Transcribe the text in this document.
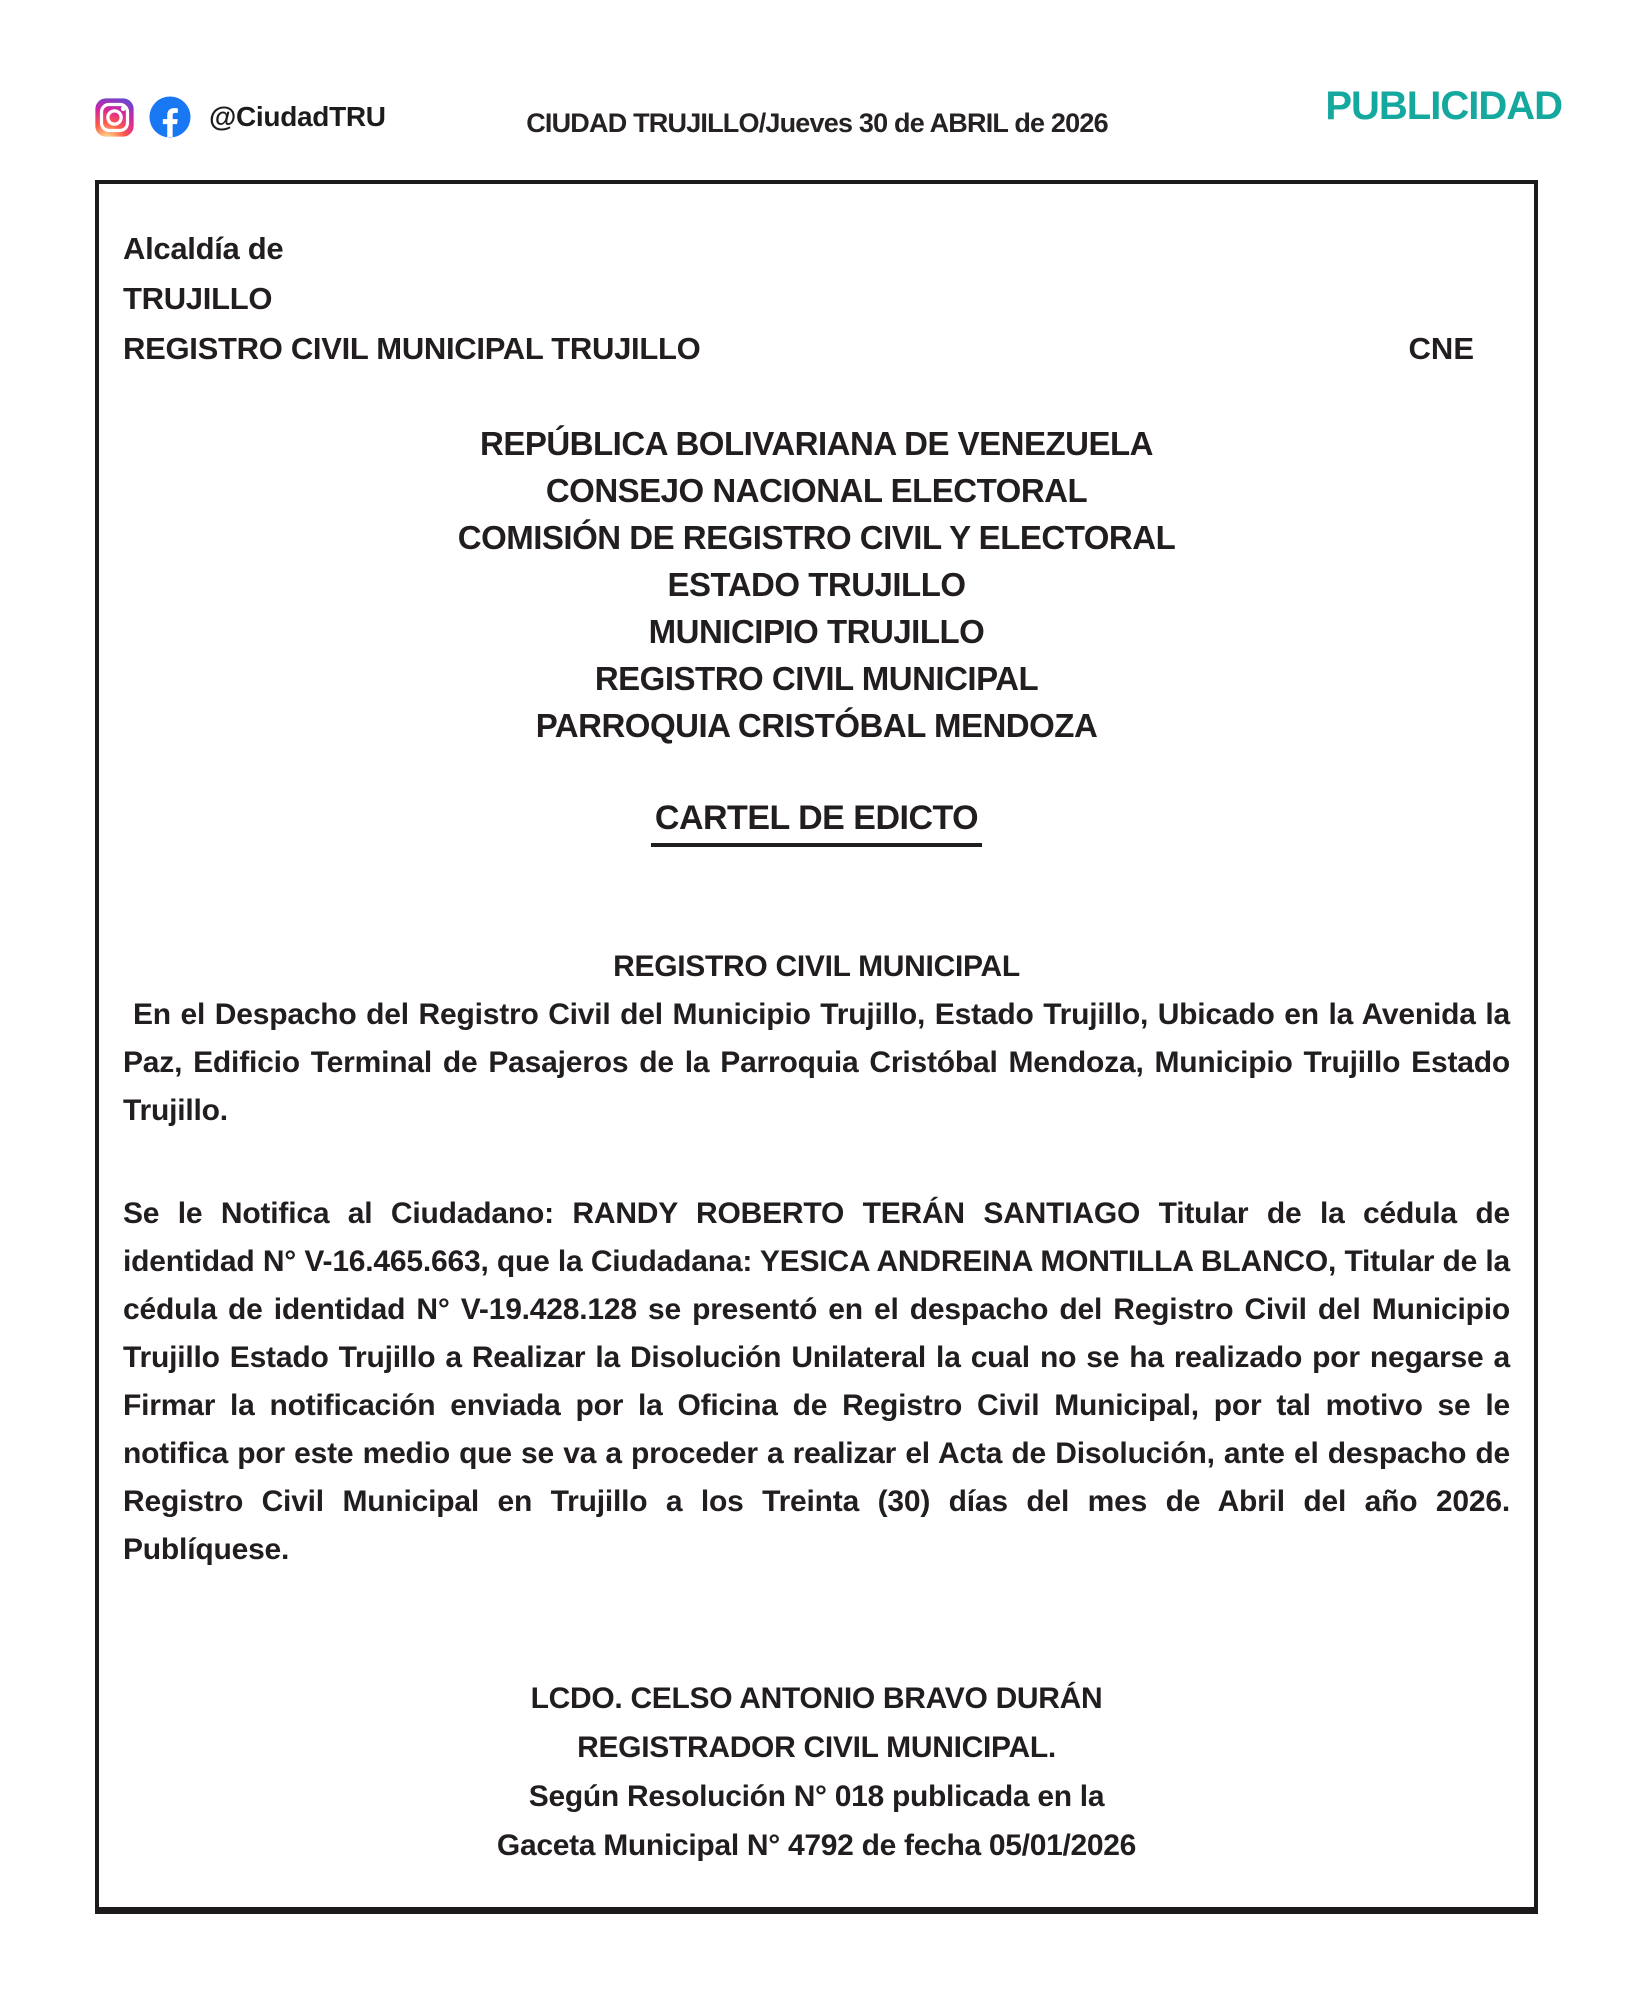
@CiudadTRU	CIUDAD TRUJILLO/Jueves 30 de ABRIL de 2026	PUBLICIDAD
Alcaldía de
TRUJILLO
REGISTRO CIVIL MUNICIPAL TRUJILLO	CNE
REPÚBLICA BOLIVARIANA DE VENEZUELA
CONSEJO NACIONAL ELECTORAL
COMISIÓN DE REGISTRO CIVIL Y ELECTORAL
ESTADO TRUJILLO
MUNICIPIO TRUJILLO
REGISTRO CIVIL MUNICIPAL
PARROQUIA CRISTÓBAL MENDOZA
CARTEL DE EDICTO
REGISTRO CIVIL MUNICIPAL
En el Despacho del Registro Civil del Municipio Trujillo, Estado Trujillo, Ubicado en la Avenida la Paz, Edificio Terminal de Pasajeros de la Parroquia Cristóbal Mendoza, Municipio Trujillo Estado Trujillo.
Se le Notifica al Ciudadano: RANDY ROBERTO TERÁN SANTIAGO Titular de la cédula de identidad N° V-16.465.663, que la Ciudadana: YESICA ANDREINA MONTILLA BLANCO, Titular de la cédula de identidad N° V-19.428.128 se presentó en el despacho del Registro Civil del Municipio Trujillo Estado Trujillo a Realizar la Disolución Unilateral la cual no se ha realizado por negarse a Firmar la notificación enviada por la Oficina de Registro Civil Municipal, por tal motivo se le notifica por este medio que se va a proceder a realizar el Acta de Disolución, ante el despacho de Registro Civil Municipal en Trujillo a los Treinta (30) días del mes de Abril del año 2026. Publíquese.
LCDO. CELSO ANTONIO BRAVO DURÁN
REGISTRADOR CIVIL MUNICIPAL.
Según Resolución N° 018 publicada en la
Gaceta Municipal N° 4792 de fecha 05/01/2026
